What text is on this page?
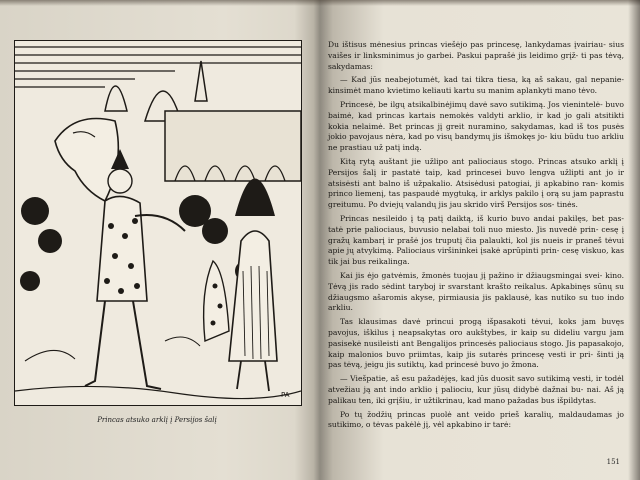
PA
Princas atsuko arklį į Persijos šalį

Du ištisus mėnesius princas viešėjo pas princesę, lankydamas įvairiau- sius vaišes ir linksminimus jo garbei. Paskui paprašė jis leidimo grįž- ti pas tėvą, sakydamas:

— Kad jūs neabejotumėt, kad tai tikra tiesa, ką aš sakau, gal nepanie- kinsimėt mano kvietimo keliauti kartu su manim aplankyti mano tėvo.

Princesė, be ilgų atsikalbinėjimų davė savo sutikimą. Jos vienintelė- buvo baimė, kad princas kartais nemokės valdyti arklio, ir kad jo gali atsitikti kokia nelaimė. Bet princas jį greit nuramino, sakydamas, kad iš tos pusės jokio pavojaus nėra, kad po visų bandymų jis išmokęs jo- kiu būdu tuo arkliu ne prastiau už patį indą.

Kitą rytą auštant jie užlipo ant paliociaus stogo. Princas atsuko arklį į Persijos šalį ir pastatė taip, kad princesei buvo lengva užlipti ant jo ir atsisėsti ant balno iš užpakalio. Atsisėdusi patogiai, ji apkabino ran- komis princo liemenį, tas paspaudė mygtuką, ir arklys pakilo į orą su jam paprastu greitumu. Po dviejų valandų jis jau skrido virš Persijos sos- tinės.

Princas nesileido į tą patį daiktą, iš kurio buvo andai pakilęs, bet pas- tatė prie paliociaus, buvusio nelabai toli nuo miesto. Jis nuvedė prin- cesę į gražų kambarį ir prašė jos truputį čia palaukti, kol jis nueis ir praneš tėvui apie jų atvykimą. Paliociaus viršininkei įsakė aprūpinti prin- cesę viskuo, kas tik jai bus reikalinga.

Kai jis ėjo gatvėmis, žmonės tuojau jį pažino ir džiaugsmingai svei- kino. Tėvą jis rado sėdint taryboj ir svarstant krašto reikalus. Apkabinęs sūnų su džiaugsmo ašaromis akyse, pirmiausia jis paklausė, kas nutiko su tuo indo arkliu.

Tas klausimas davė princui progą išpasakoti tėvui, koks jam buvęs pavojus, iškilus į neapsakytas oro aukštybes, ir kaip su dideliu vargu jam pasisekė nusileisti ant Bengalijos princesės paliociaus stogo. Jis papasakojo, kaip malonios buvo priimtas, kaip jis sutarės princesę vesti ir pri- šinti ją pas tėvą, jeigu jis sutiktų, kad princesė buvo jo žmona.

— Viešpatie, aš esu pažadėjęs, kad jūs duosit savo sutikimą vesti, ir todėl atvežiau ją ant indo arklio į paliociu, kur jūsų didybė dažnai bu- nai. Aš ją palikau ten, iki grįšiu, ir užtikrinau, kad mano pažadas bus išpildytas.

Po tų žodžių princas puolė ant veido prieš karalių, maldaudamas jo sutikimo, o tėvas pakėlė jį, vėl apkabino ir tarė:

151
